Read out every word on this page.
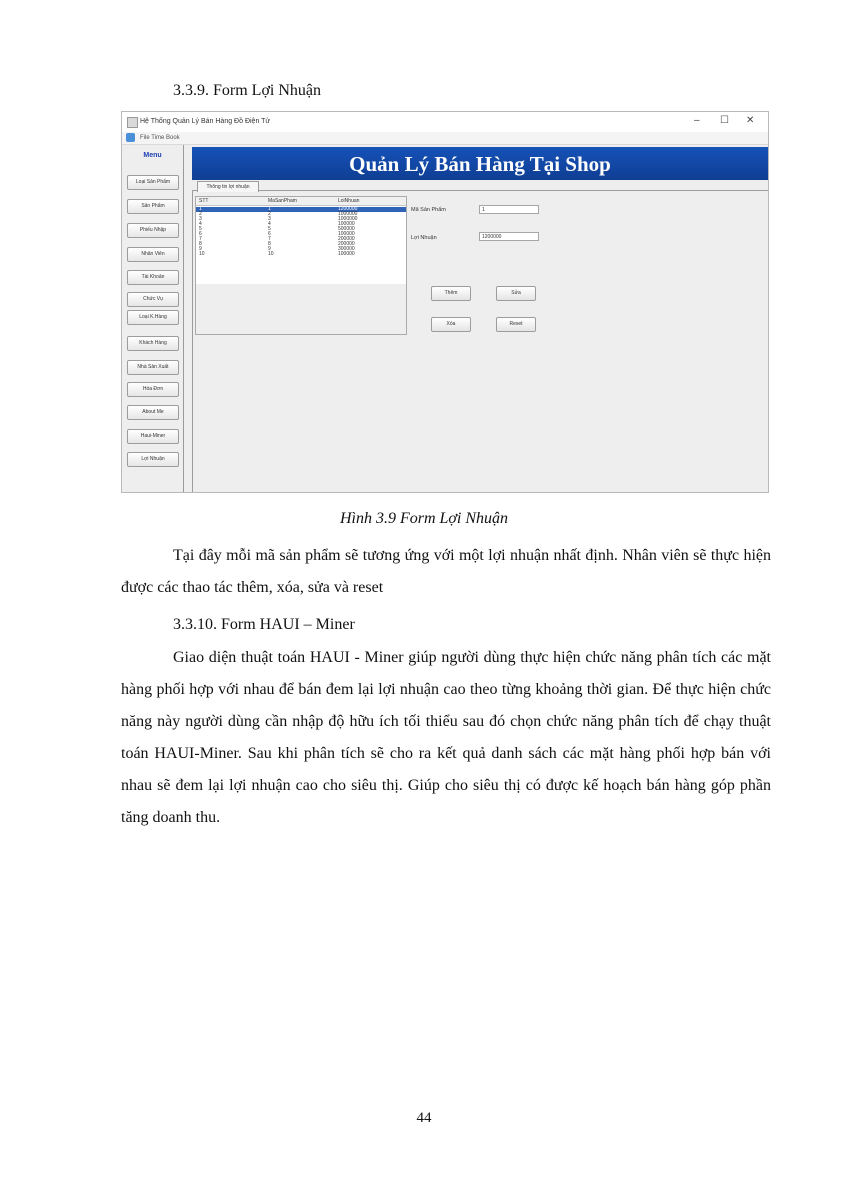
3.3.9. Form Lợi Nhuận
Hệ Thống Quản Lý Bán Hàng Đồ Điện Tử	– ☐ ✕
File Time Book
Menu
Loại Sản Phẩm
Sản Phẩm
Phiếu Nhập
Nhân Viên
Tài Khoản
Chức Vụ
Loại K.Hàng
Khách Hàng
Nhà Sản Xuất
Hóa Đơn
About Me
Haui-Miner
Lợi Nhuận
Quản Lý Bán Hàng Tại Shop
Thông tin lợi nhuận
STT	MaSanPham	LoiNhuan
1	1	1200000
2	2	1000000
3	3	1000000
4	4	100000
5	5	500000
6	6	100000
7	7	200000
8	8	200000
9	9	300000
10	10	100000
Mã Sản Phẩm	1
Lợi Nhuận	1200000
Thêm	Sửa
Xóa	Reset
Hình 3.9 Form Lợi Nhuận
Tại đây mỗi mã sản phẩm sẽ tương ứng với một lợi nhuận nhất định. Nhân viên sẽ thực hiện được các thao tác thêm, xóa, sửa và reset
3.3.10. Form HAUI – Miner
Giao diện thuật toán HAUI - Miner giúp người dùng thực hiện chức năng phân tích các mặt hàng phối hợp với nhau để bán đem lại lợi nhuận cao theo từng khoảng thời gian. Để thực hiện chức năng này người dùng cần nhập độ hữu ích tối thiểu sau đó chọn chức năng phân tích để chạy thuật toán HAUI-Miner. Sau khi phân tích sẽ cho ra kết quả danh sách các mặt hàng phối hợp bán với nhau sẽ đem lại lợi nhuận cao cho siêu thị. Giúp cho siêu thị có được kế hoạch bán hàng góp phần tăng doanh thu.
44
